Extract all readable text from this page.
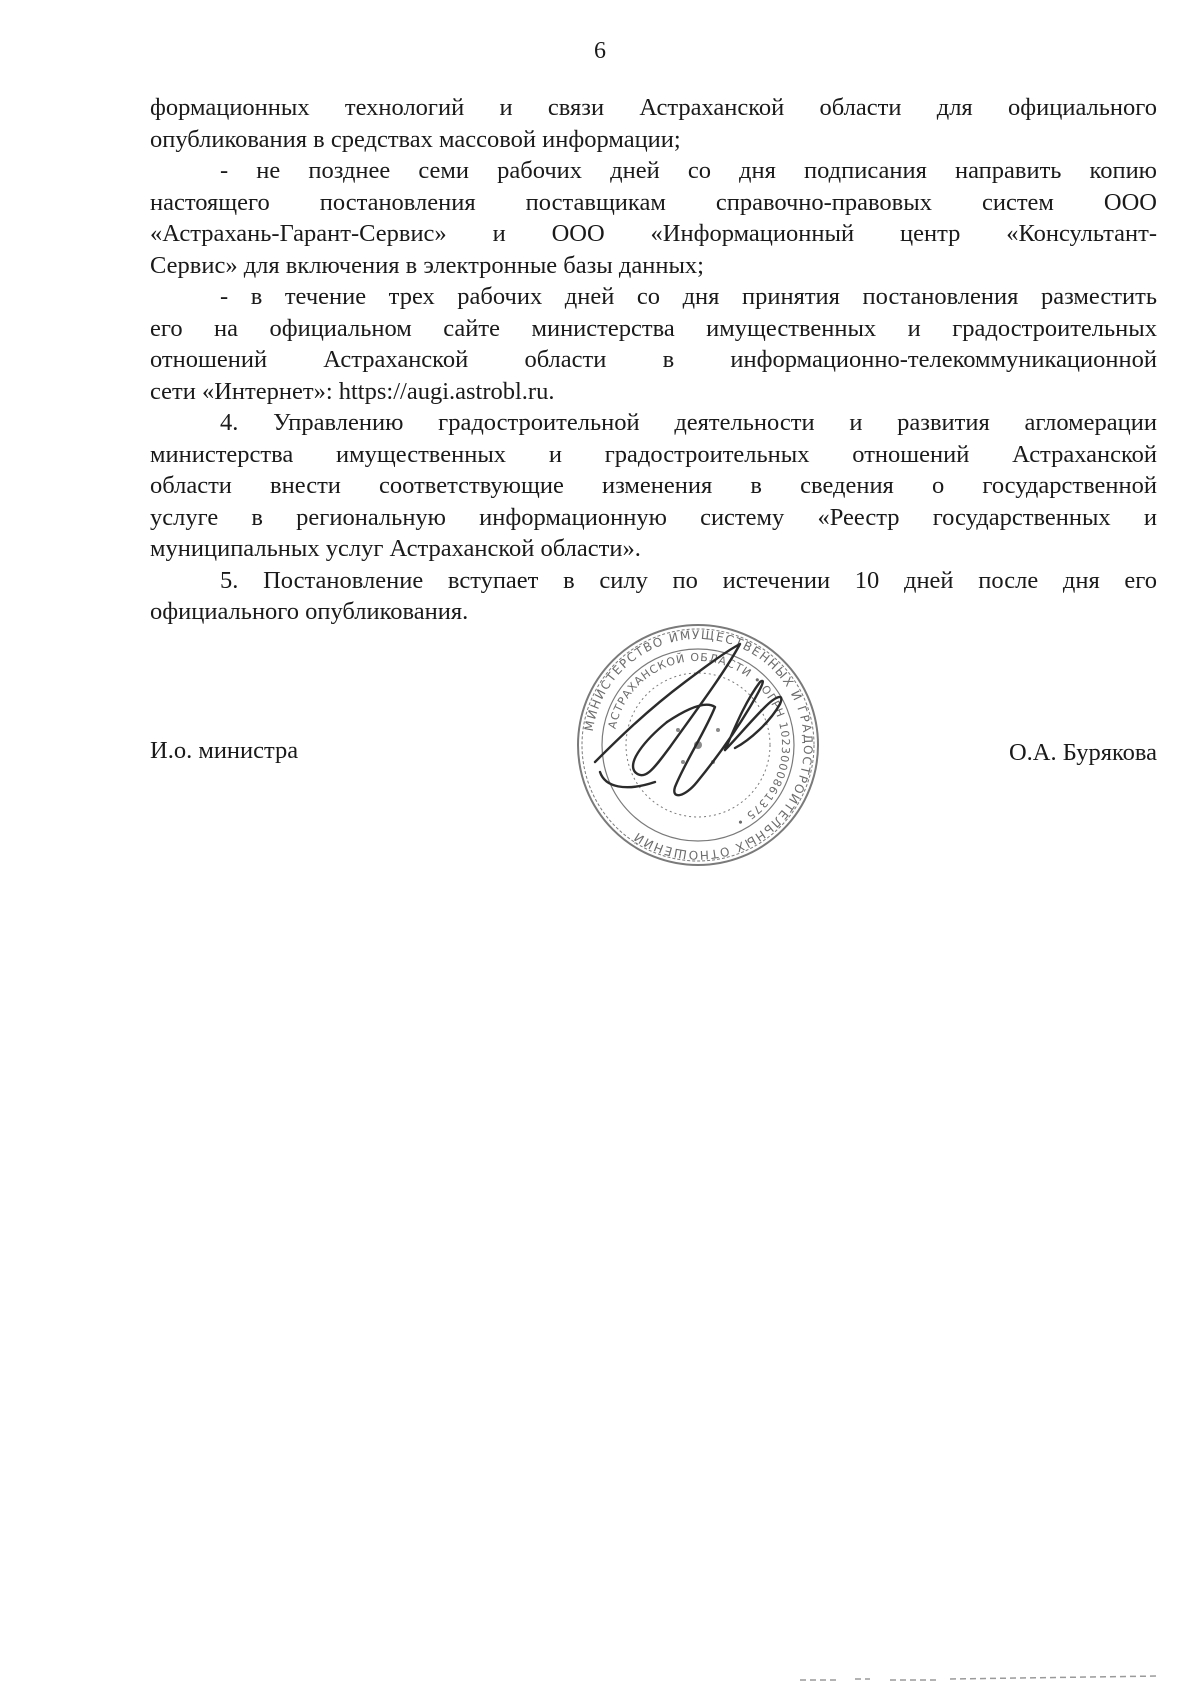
6
формационных технологий и связи Астраханской области для официального
опубликования в средствах массовой информации;
- не позднее семи рабочих дней со дня подписания направить копию
настоящего постановления поставщикам справочно-правовых систем ООО
«Астрахань-Гарант-Сервис» и ООО «Информационный центр «Консультант-
Сервис» для включения в электронные базы данных;
- в течение трех рабочих дней со дня принятия постановления разместить
его на официальном сайте министерства имущественных и градостроительных
отношений Астраханской области в информационно-телекоммуникационной
сети «Интернет»: https://augi.astrobl.ru.
4. Управлению градостроительной деятельности и развития агломерации
министерства имущественных и градостроительных отношений Астраханской
области внести соответствующие изменения в сведения о государственной
услуге в региональную информационную систему «Реестр государственных и
муниципальных услуг Астраханской области».
5. Постановление вступает в силу по истечении 10 дней после дня его
официального опубликования.
И.о. министра	О.А. Бурякова
МИНИСТЕРСТВО ИМУЩЕСТВЕННЫХ И ГРАДОСТРОИТЕЛЬНЫХ ОТНОШЕНИЙ
АСТРАХАНСКОЙ ОБЛАСТИ • ОГРН 1023000861375 •
